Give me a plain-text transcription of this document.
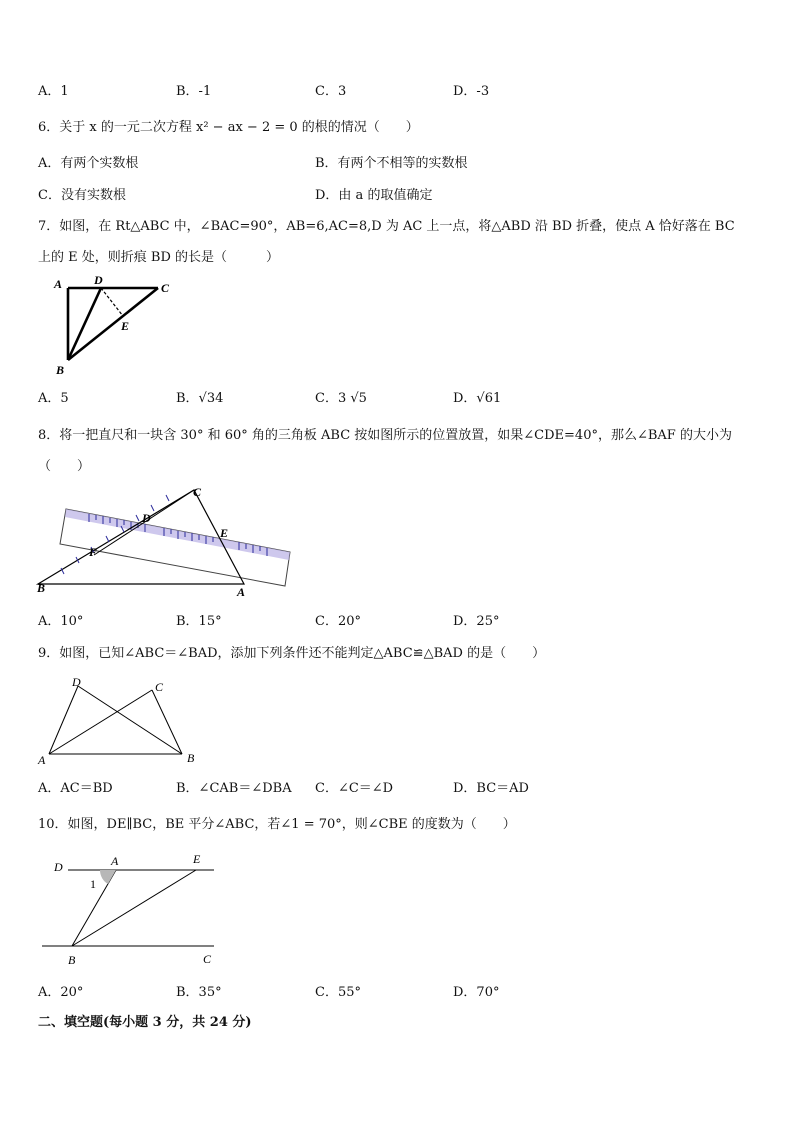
A．1	B．-1	C．3	D．-3
6．关于 x 的一元二次方程 x² − ax − 2 = 0 的根的情况（　　）
A．有两个实数根	B．有两个不相等的实数根
C．没有实数根	D．由 a 的取值确定
7．如图，在 Rt△ABC 中，∠BAC=90°，AB=6,AC=8,D 为 AC 上一点，将△ABD 沿 BD 折叠，使点 A 恰好落在 BC
上的 E 处，则折痕 BD 的长是（　　　）
A	D
C
E
B
A．5	B．√34	C．3 √5	D．√61
8．将一把直尺和一块含 30° 和 60° 角的三角板 ABC 按如图所示的位置放置，如果∠CDE=40°，那么∠BAF 的大小为
（　　）
C
D
E
F
B	A
A．10°	B．15°	C．20°	D．25°
9．如图，已知∠ABC＝∠BAD，添加下列条件还不能判定△ABC≌△BAD 的是（　　）
D	C
A	B
A．AC＝BD	B．∠CAB＝∠DBA C．∠C＝∠D	D．BC＝AD
10．如图，DE∥BC，BE 平分∠ABC，若∠1 = 70°，则∠CBE 的度数为（　　）
D	A	E
1
B	C
A．20°	B．35°	C．55°	D．70°
二、填空题(每小题 3 分，共 24 分)
